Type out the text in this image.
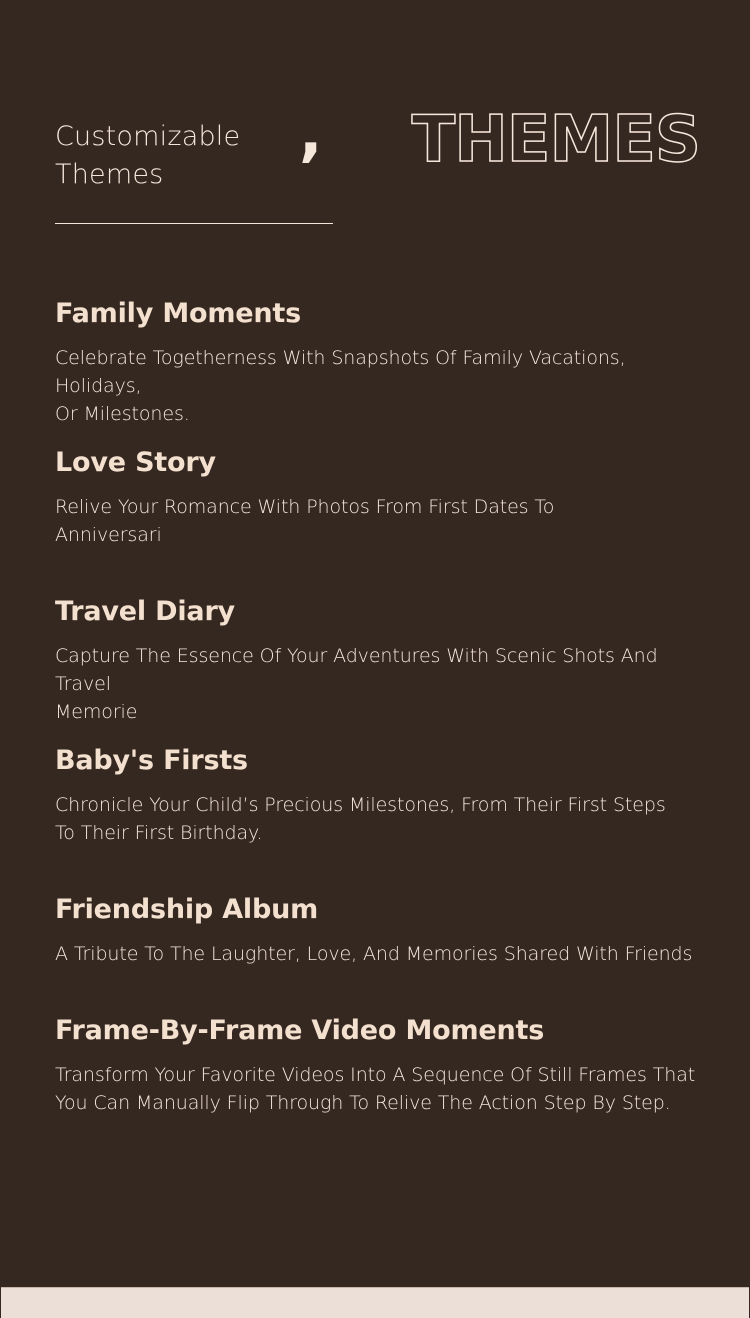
Customizable
Themes
, THEMES
Family Moments

Celebrate Togetherness With Snapshots Of Family Vacations, Holidays,
Or Milestones.

Love Story

Relive Your Romance With Photos From First Dates To
Anniversari

Travel Diary

Capture The Essence Of Your Adventures With Scenic Shots And Travel
Memorie

Baby's Firsts

Chronicle Your Child’s Precious Milestones, From Their First Steps
To Their First Birthday.

Friendship Album

A Tribute To The Laughter, Love, And Memories Shared With Friends

Frame-By-Frame Video Moments

Transform Your Favorite Videos Into A Sequence Of Still Frames That
You Can Manually Flip Through To Relive The Action Step By Step.
